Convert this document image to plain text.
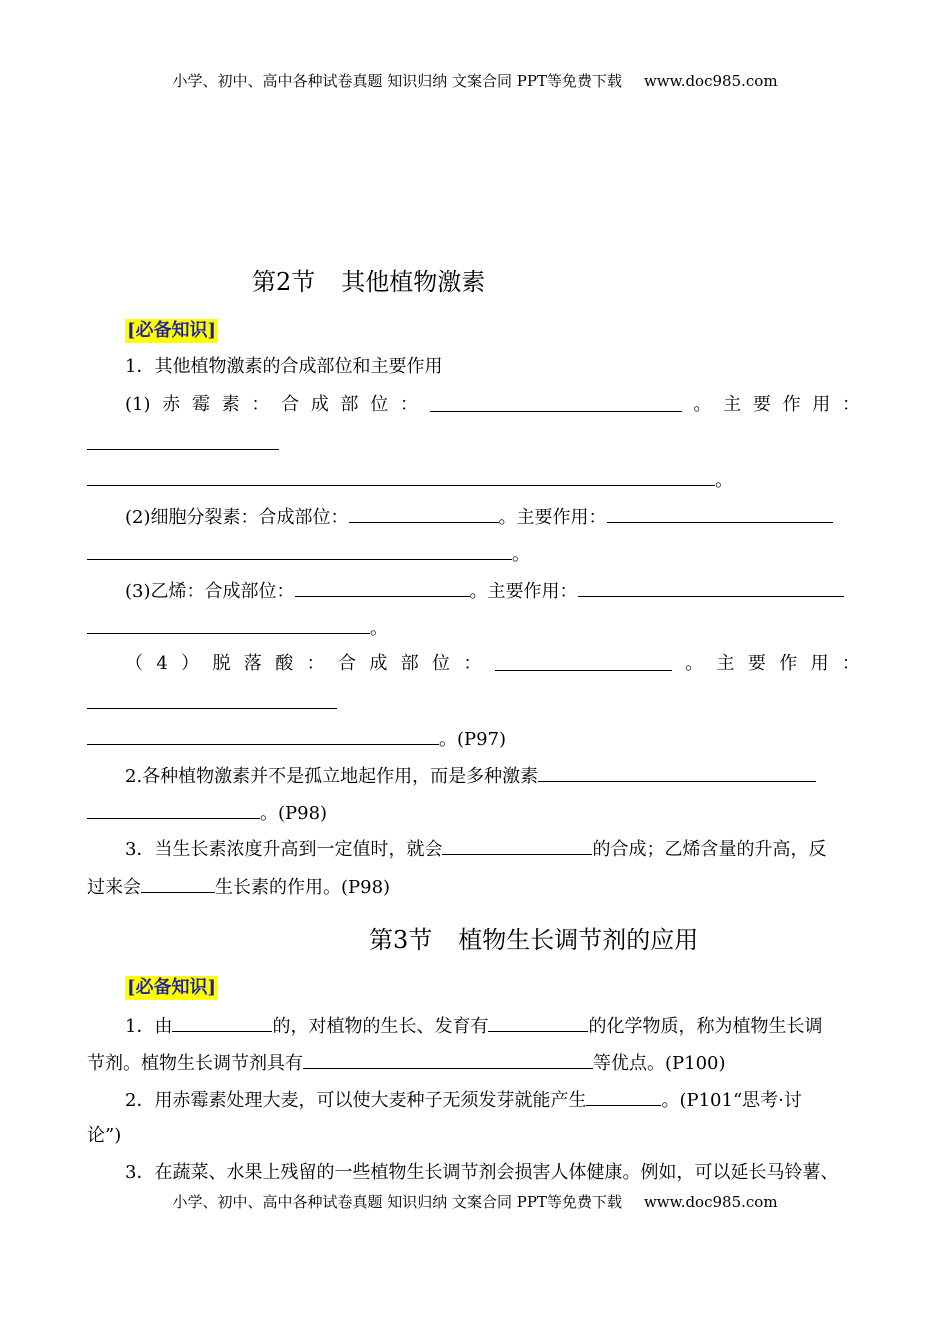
小学、初中、高中各种试卷真题 知识归纳 文案合同 PPT等免费下载 www.doc985.com
第2节 其他植物激素
[必备知识]
1．其他植物激素的合成部位和主要作用
(1) 赤 霉 素 ： 合 成 部 位 ：	。 主 要 作 用 ：
。
(2)细胞分裂素：合成部位：	。主要作用：
。
(3)乙烯：合成部位：	。主要作用：
。
（ 4 ） 脱 落 酸 ： 合 成 部 位 ：	。 主 要 作 用 ：
。(P97)
2.各种植物激素并不是孤立地起作用，而是多种激素
。(P98)
3．当生长素浓度升高到一定值时，就会	的合成；乙烯含量的升高，反
过来会	生长素的作用。(P98)
第3节 植物生长调节剂的应用
[必备知识]
1．由	的，对植物的生长、发育有	的化学物质，称为植物生长调
节剂。植物生长调节剂具有	等优点。(P100)
2．用赤霉素处理大麦，可以使大麦种子无须发芽就能产生	。(P101“思考·讨
论”)
3．在蔬菜、水果上残留的一些植物生长调节剂会损害人体健康。例如，可以延长马铃薯、
小学、初中、高中各种试卷真题 知识归纳 文案合同 PPT等免费下载 www.doc985.com
